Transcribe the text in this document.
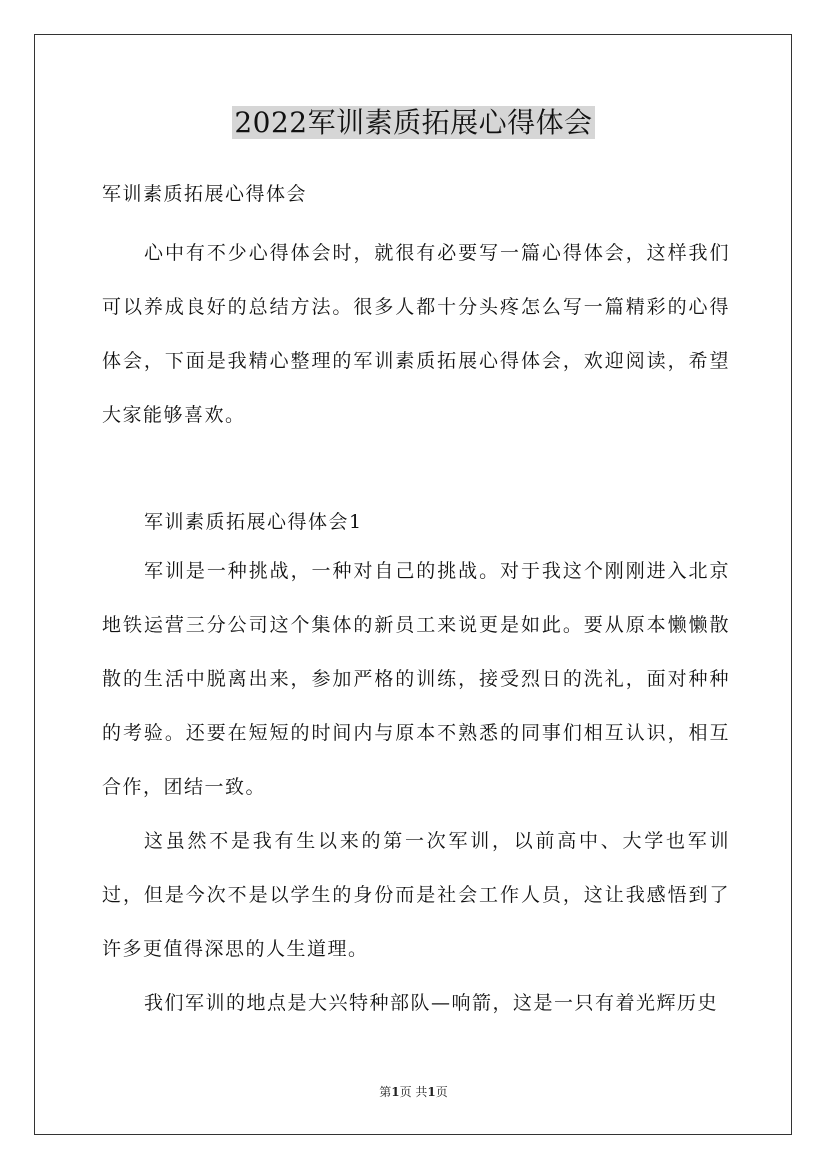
2022军训素质拓展心得体会

军训素质拓展心得体会

心中有不少心得体会时，就很有必要写一篇心得体会，这样我们可以养成良好的总结方法。很多人都十分头疼怎么写一篇精彩的心得体会，下面是我精心整理的军训素质拓展心得体会，欢迎阅读，希望大家能够喜欢。

军训素质拓展心得体会1

军训是一种挑战，一种对自己的挑战。对于我这个刚刚进入北京地铁运营三分公司这个集体的新员工来说更是如此。要从原本懒懒散散的生活中脱离出来，参加严格的训练，接受烈日的洗礼，面对种种的考验。还要在短短的时间内与原本不熟悉的同事们相互认识，相互合作，团结一致。

这虽然不是我有生以来的第一次军训，以前高中、大学也军训过，但是今次不是以学生的身份而是社会工作人员，这让我感悟到了许多更值得深思的人生道理。

我们军训的地点是大兴特种部队—响箭，这是一只有着光辉历史

第1页 共1页
